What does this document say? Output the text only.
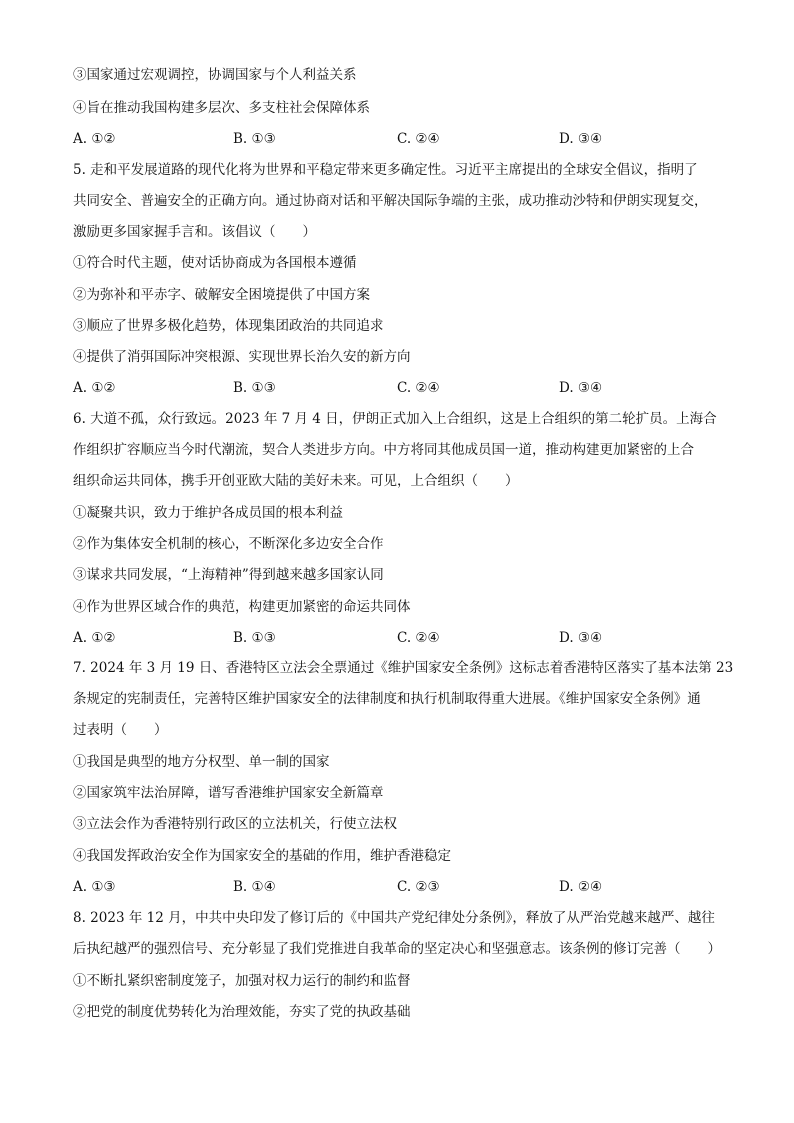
③国家通过宏观调控，协调国家与个人利益关系
④旨在推动我国构建多层次、多支柱社会保障体系
A. ①②	B. ①③	C. ②④	D. ③④
5. 走和平发展道路的现代化将为世界和平稳定带来更多确定性。习近平主席提出的全球安全倡议，指明了
共同安全、普遍安全的正确方向。通过协商对话和平解决国际争端的主张，成功推动沙特和伊朗实现复交，
激励更多国家握手言和。该倡议（　　）
①符合时代主题，使对话协商成为各国根本遵循
②为弥补和平赤字、破解安全困境提供了中国方案
③顺应了世界多极化趋势，体现集团政治的共同追求
④提供了消弭国际冲突根源、实现世界长治久安的新方向
A. ①②	B. ①③	C. ②④	D. ③④
6. 大道不孤，众行致远。2023 年 7 月 4 日，伊朗正式加入上合组织，这是上合组织的第二轮扩员。上海合
作组织扩容顺应当今时代潮流，契合人类进步方向。中方将同其他成员国一道，推动构建更加紧密的上合
组织命运共同体，携手开创亚欧大陆的美好未来。可见，上合组织（　　）
①凝聚共识，致力于维护各成员国的根本利益
②作为集体安全机制的核心，不断深化多边安全合作
③谋求共同发展，“上海精神”得到越来越多国家认同
④作为世界区域合作的典范，构建更加紧密的命运共同体
A. ①②	B. ①③	C. ②④	D. ③④
7. 2024 年 3 月 19 日、香港特区立法会全票通过《维护国家安全条例》这标志着香港特区落实了基本法第 23
条规定的宪制责任，完善特区维护国家安全的法律制度和执行机制取得重大进展。《维护国家安全条例》通
过表明（　　）
①我国是典型的地方分权型、单一制的国家
②国家筑牢法治屏障，谱写香港维护国家安全新篇章
③立法会作为香港特别行政区的立法机关，行使立法权
④我国发挥政治安全作为国家安全的基础的作用，维护香港稳定
A. ①③	B. ①④	C. ②③	D. ②④
8. 2023 年 12 月，中共中央印发了修订后的《中国共产党纪律处分条例》，释放了从严治党越来越严、越往
后执纪越严的强烈信号、充分彰显了我们党推进自我革命的坚定决心和坚强意志。该条例的修订完善（　　）
①不断扎紧织密制度笼子，加强对权力运行的制约和监督
②把党的制度优势转化为治理效能，夯实了党的执政基础
